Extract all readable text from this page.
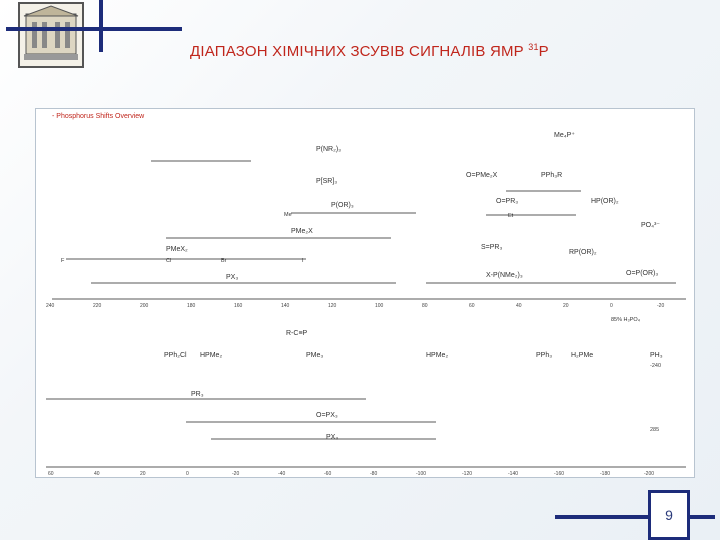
ДІАПАЗОН ХІМІЧНИХ ЗСУВІВ СИГНАЛІВ ЯМР $^{31}$P
P(NR₂)₃
P[SR]₃
P(OR)₃
PMe₂X
PMeX₂
PX₃
Me₄P⁺
PPh₃R
O=PMe₂X
O=PR₃	HP(OR)₂
S=PR₃
X-P(NMe₂)₃	O=P(OR)₃
RP(OR)₂
PO₄³⁻
F	Cl	Br	I
Me	Et
240	220	200	180	160	140	120	100	80	60	40	20	0	-20
85% H₃PO₄
R-C≡P
PPh₂Cl HPMe₂	PMe₃	HPMe₂	PPh₃	H₂PMe
PR₃
O=PX₃
PX₃
PH₃
-240
285
60	40	20	0	-20	-40	-60	-80	-100	-120	-140	-160	-180	-200
- Phosphorus Shifts Overview
9
